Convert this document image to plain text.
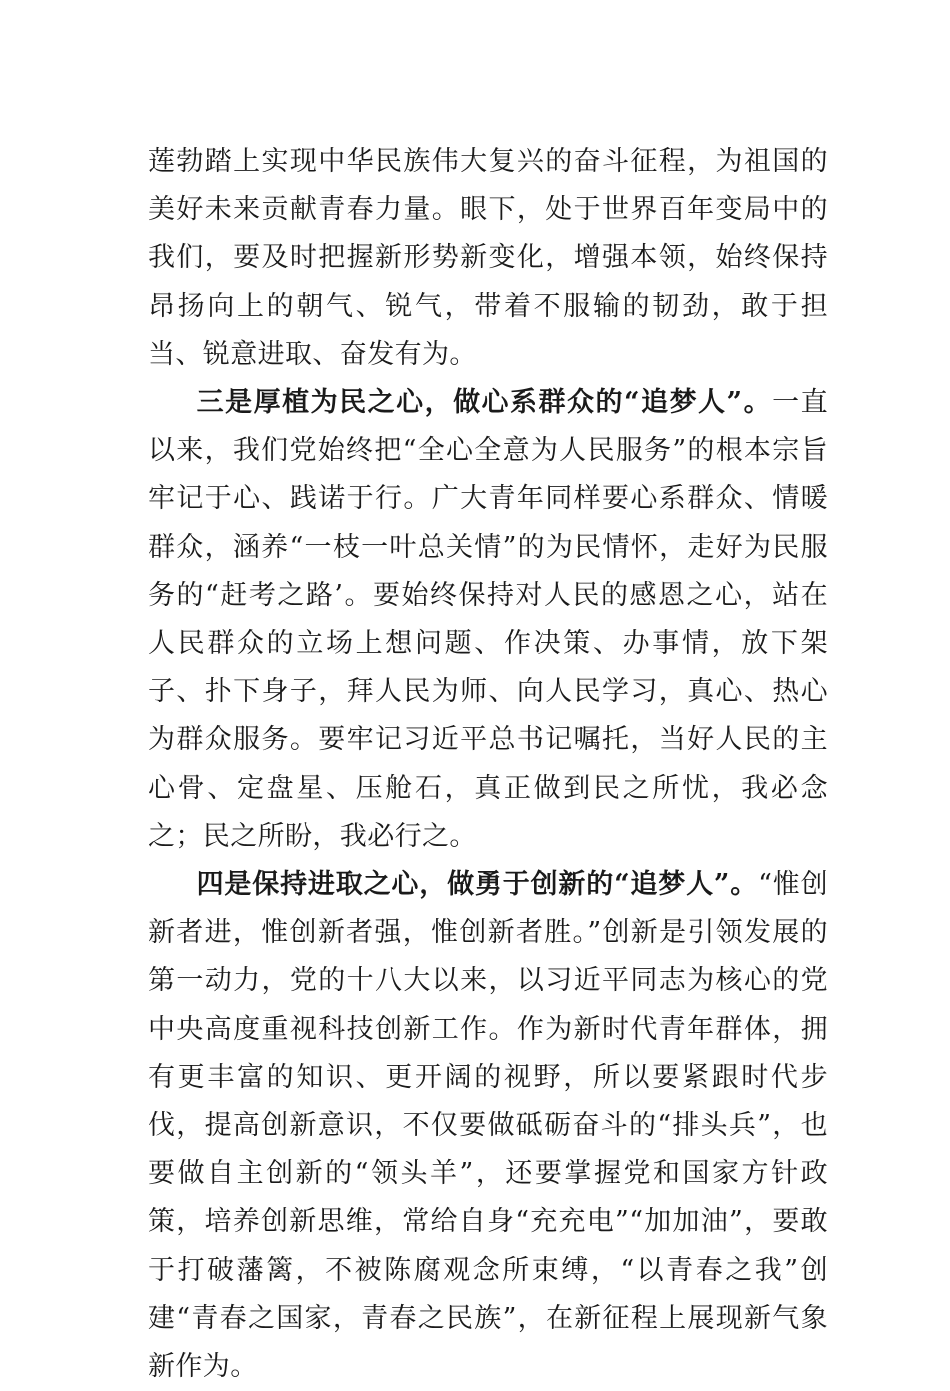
莲勃踏上实现中华民族伟大复兴的奋斗征程，为祖国的美好未来贡献青春力量。眼下，处于世界百年变局中的我们，要及时把握新形势新变化，增强本领，始终保持昂扬向上的朝气、锐气，带着不服输的韧劲，敢于担当、锐意进取、奋发有为。

三是厚植为民之心，做心系群众的“追梦人”。一直以来，我们党始终把“全心全意为人民服务”的根本宗旨牢记于心、践诺于行。广大青年同样要心系群众、情暖群众，涵养“一枝一叶总关情”的为民情怀，走好为民服务的“赶考之路’。要始终保持对人民的感恩之心，站在人民群众的立场上想问题、作决策、办事情，放下架子、扑下身子，拜人民为师、向人民学习，真心、热心为群众服务。要牢记习近平总书记嘱托，当好人民的主心骨、定盘星、压舱石，真正做到民之所忧，我必念之；民之所盼，我必行之。

四是保持进取之心，做勇于创新的“追梦人”。“惟创新者进，惟创新者强，惟创新者胜。”创新是引领发展的第一动力，党的十八大以来，以习近平同志为核心的党中央高度重视科技创新工作。作为新时代青年群体，拥有更丰富的知识、更开阔的视野，所以要紧跟时代步伐，提高创新意识，不仅要做砥砺奋斗的“排头兵”，也要做自主创新的“领头羊”，还要掌握党和国家方针政策，培养创新思维，常给自身“充充电”“加加油”，要敢于打破藩篱，不被陈腐观念所束缚，“以青春之我”创建“青春之国家，青春之民族”，在新征程上展现新气象新作为。
